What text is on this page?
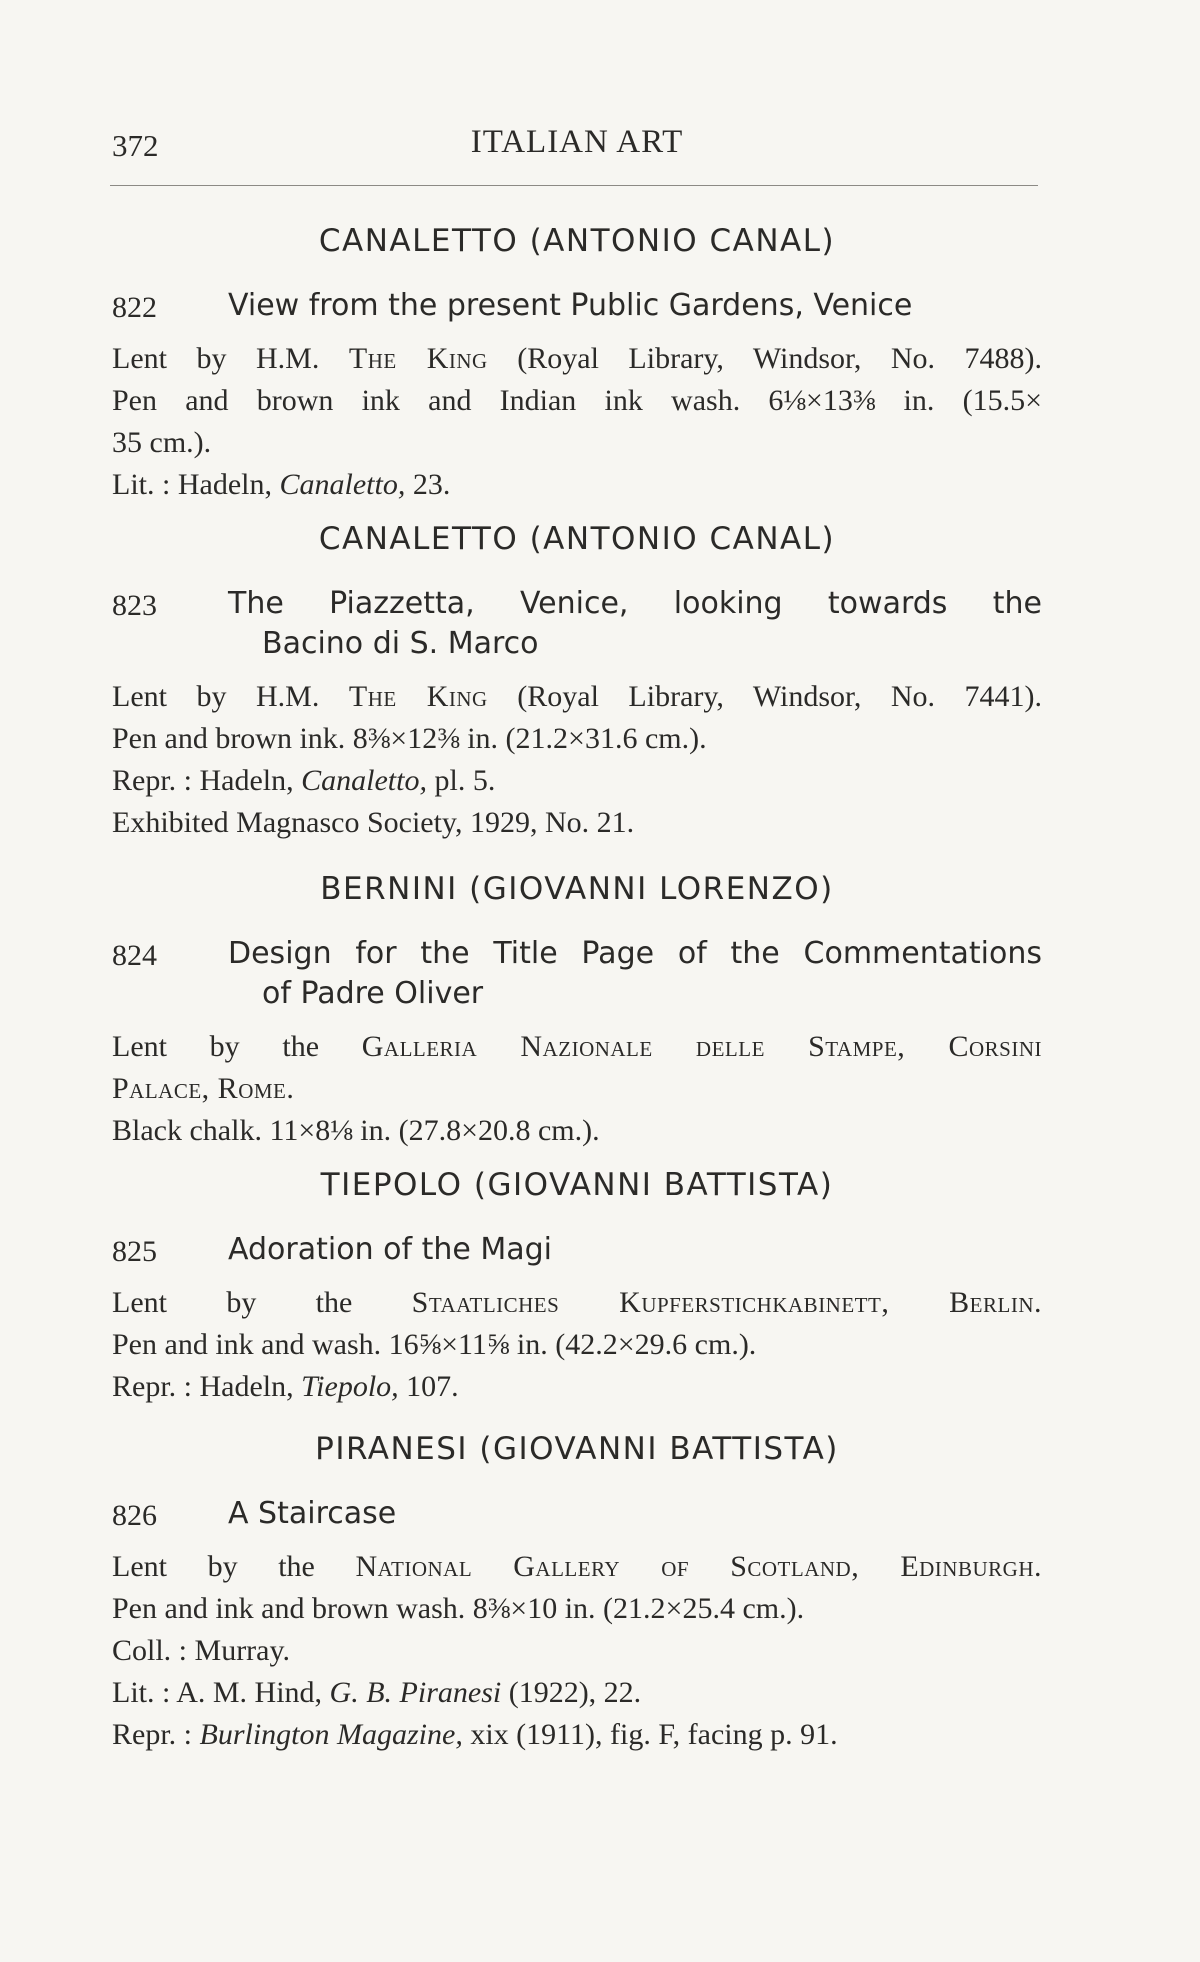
372	ITALIAN ART
CANALETTO (ANTONIO CANAL)
822 View from the present Public Gardens, Venice
Lent by H.M. The King (Royal Library, Windsor, No. 7488).
Pen and brown ink and Indian ink wash. 6⅛×13⅜ in. (15.5×
35 cm.).
Lit. : Hadeln, Canaletto, 23.
CANALETTO (ANTONIO CANAL)
823 The Piazzetta, Venice, looking towards the
Bacino di S. Marco
Lent by H.M. The King (Royal Library, Windsor, No. 7441).
Pen and brown ink. 8⅜×12⅜ in. (21.2×31.6 cm.).
Repr. : Hadeln, Canaletto, pl. 5.
Exhibited Magnasco Society, 1929, No. 21.
BERNINI (GIOVANNI LORENZO)
824 Design for the Title Page of the Commentations
of Padre Oliver
Lent by the Galleria Nazionale delle Stampe, Corsini
Palace, Rome.
Black chalk. 11×8⅛ in. (27.8×20.8 cm.).
TIEPOLO (GIOVANNI BATTISTA)
825 Adoration of the Magi
Lent by the Staatliches Kupferstichkabinett, Berlin.
Pen and ink and wash. 16⅝×11⅝ in. (42.2×29.6 cm.).
Repr. : Hadeln, Tiepolo, 107.
PIRANESI (GIOVANNI BATTISTA)
826 A Staircase
Lent by the National Gallery of Scotland, Edinburgh.
Pen and ink and brown wash. 8⅜×10 in. (21.2×25.4 cm.).
Coll. : Murray.
Lit. : A. M. Hind, G. B. Piranesi (1922), 22.
Repr. : Burlington Magazine, xix (1911), fig. F, facing p. 91.
